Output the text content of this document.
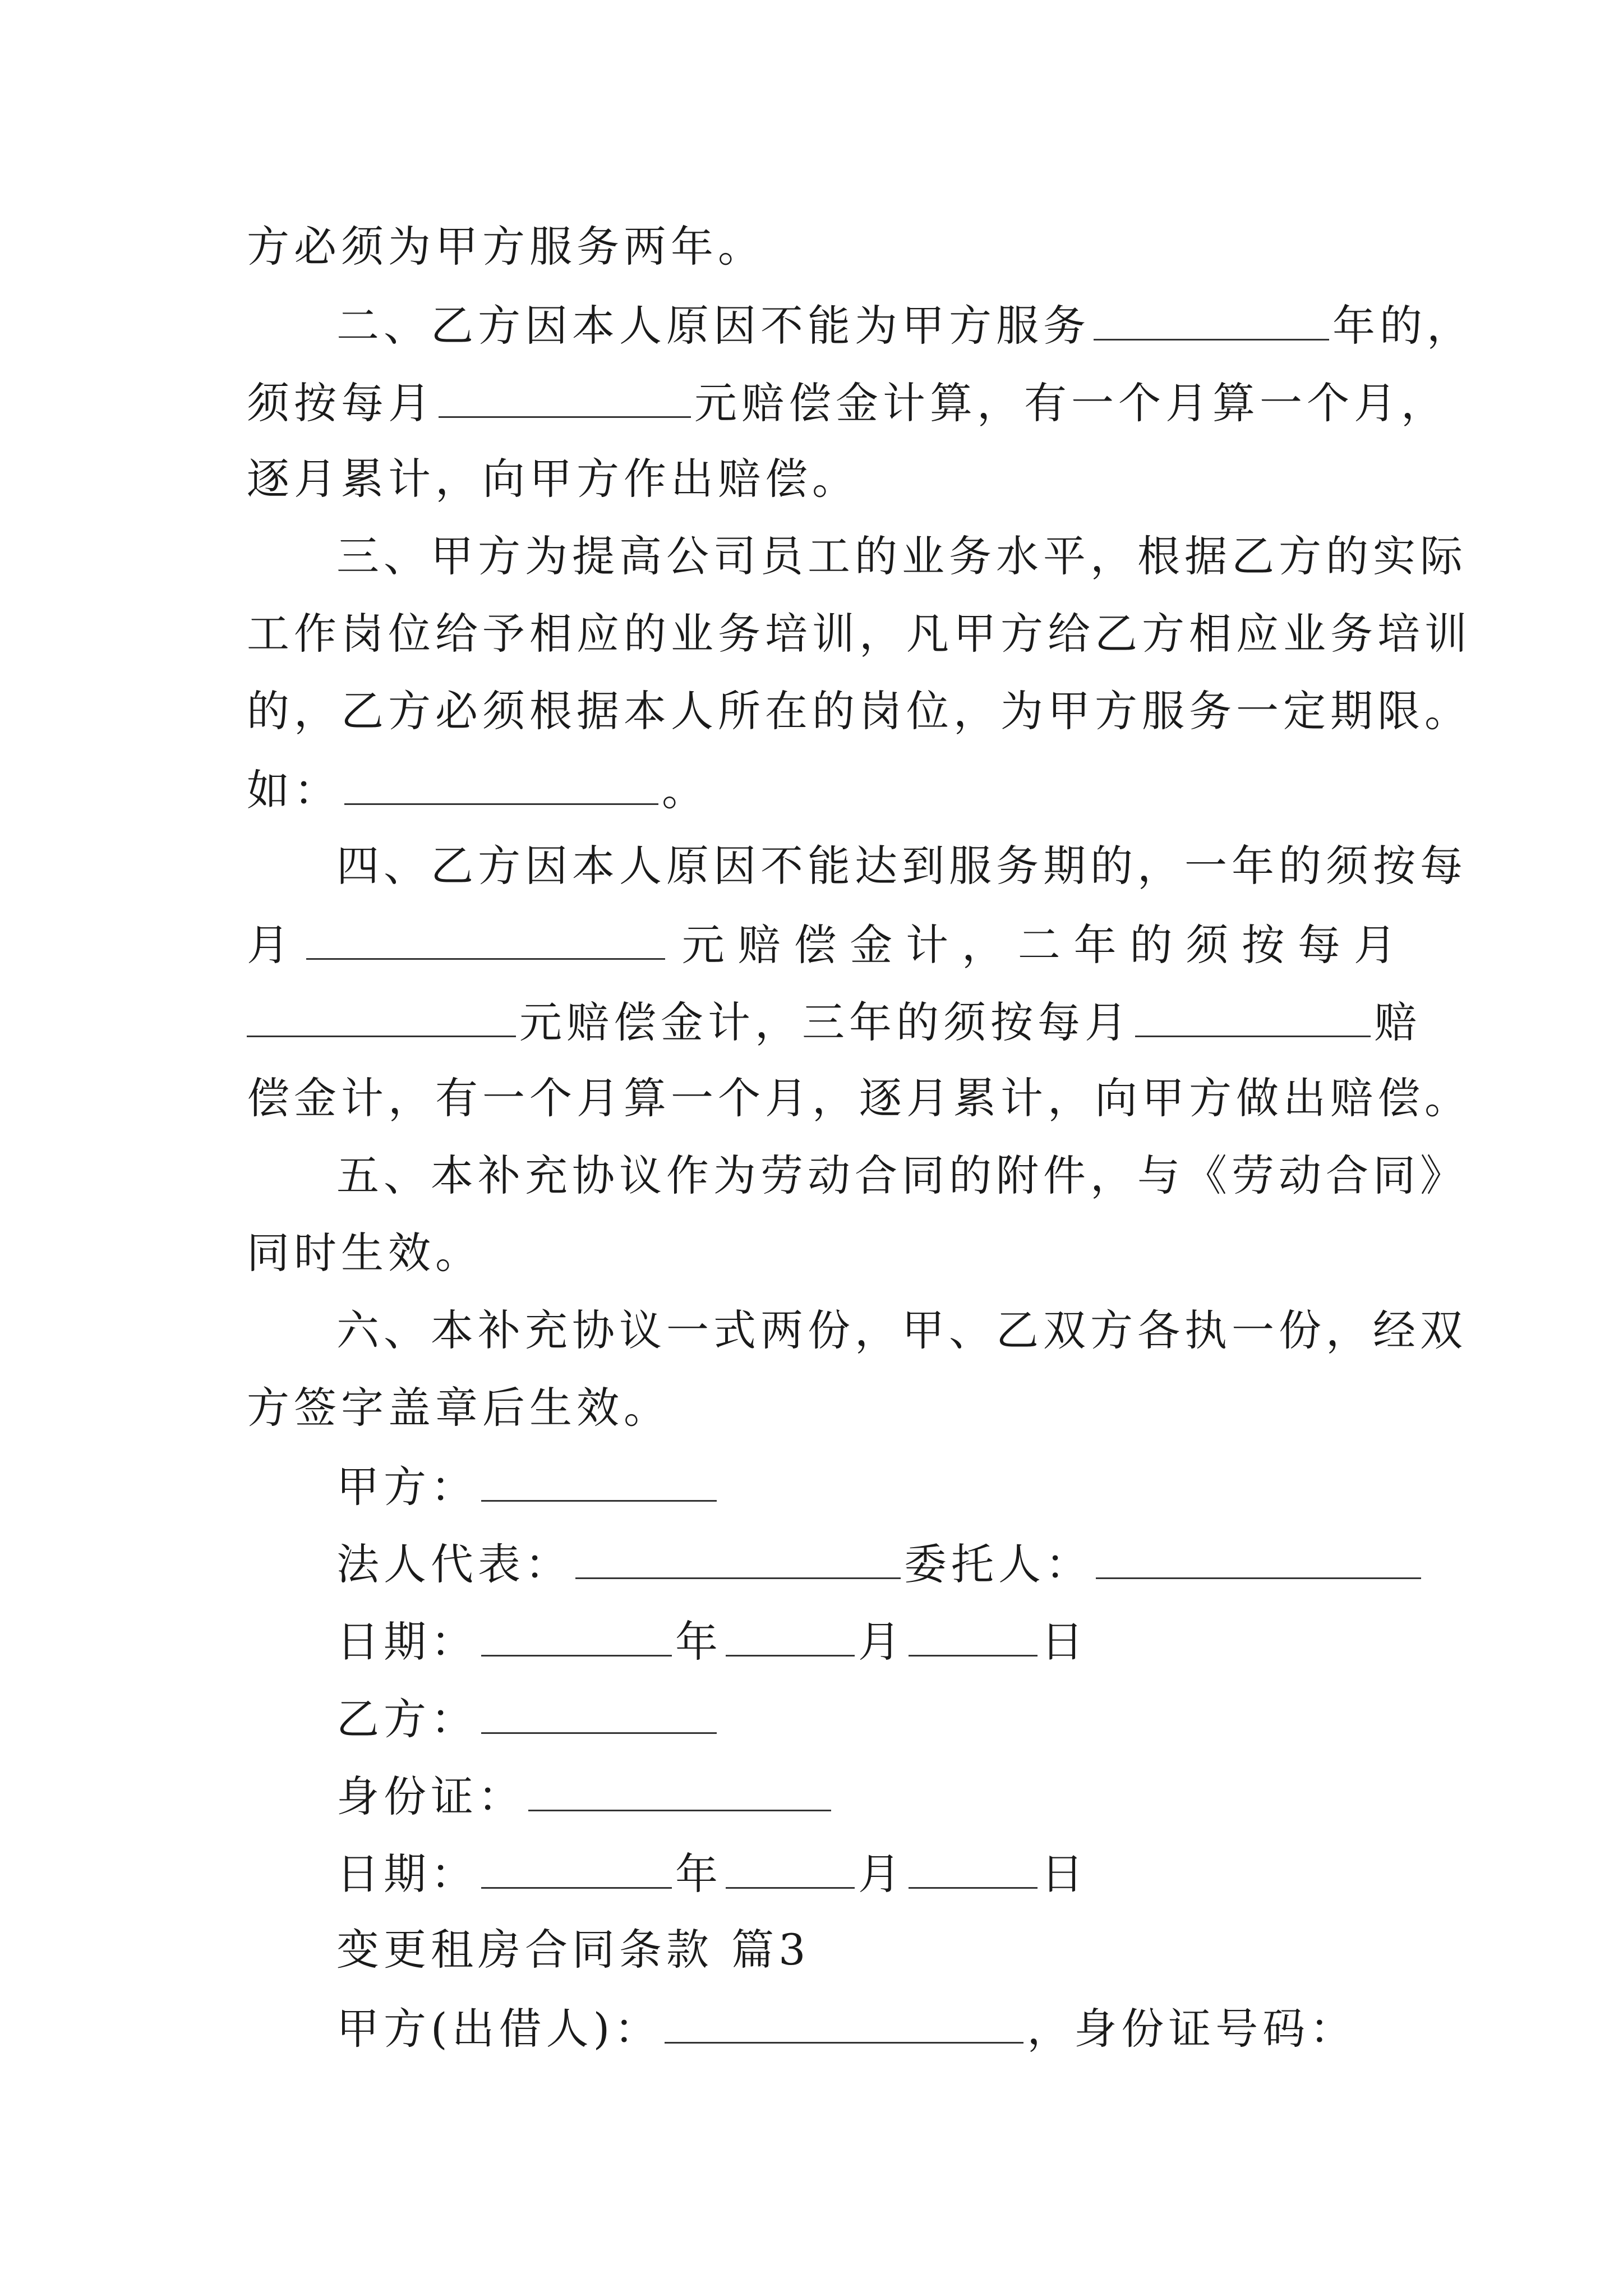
方必须为甲方服务两年。
二、乙方因本人原因不能为甲方服务	年的，
须按每月	元赔偿金计算，有一个月算一个月，
逐月累计，向甲方作出赔偿。
三、甲方为提高公司员工的业务水平，根据乙方的实际
工作岗位给予相应的业务培训，凡甲方给乙方相应业务培训
的，乙方必须根据本人所在的岗位，为甲方服务一定期限。
如：	。
四、乙方因本人原因不能达到服务期的，一年的须按每
月	元 赔 偿 金 计 ， 二 年 的 须 按 每 月
元赔偿金计，三年的须按每月	赔
偿金计，有一个月算一个月，逐月累计，向甲方做出赔偿。
五、本补充协议作为劳动合同的附件，与《劳动合同》
同时生效。
六、本补充协议一式两份，甲、乙双方各执一份，经双
方签字盖章后生效。
甲方：
法人代表：	委托人：
日期：	年	月	日
乙方：
身份证：
日期：	年	月	日
变更租房合同条款 篇3
甲方(出借人)：	，身份证号码：
